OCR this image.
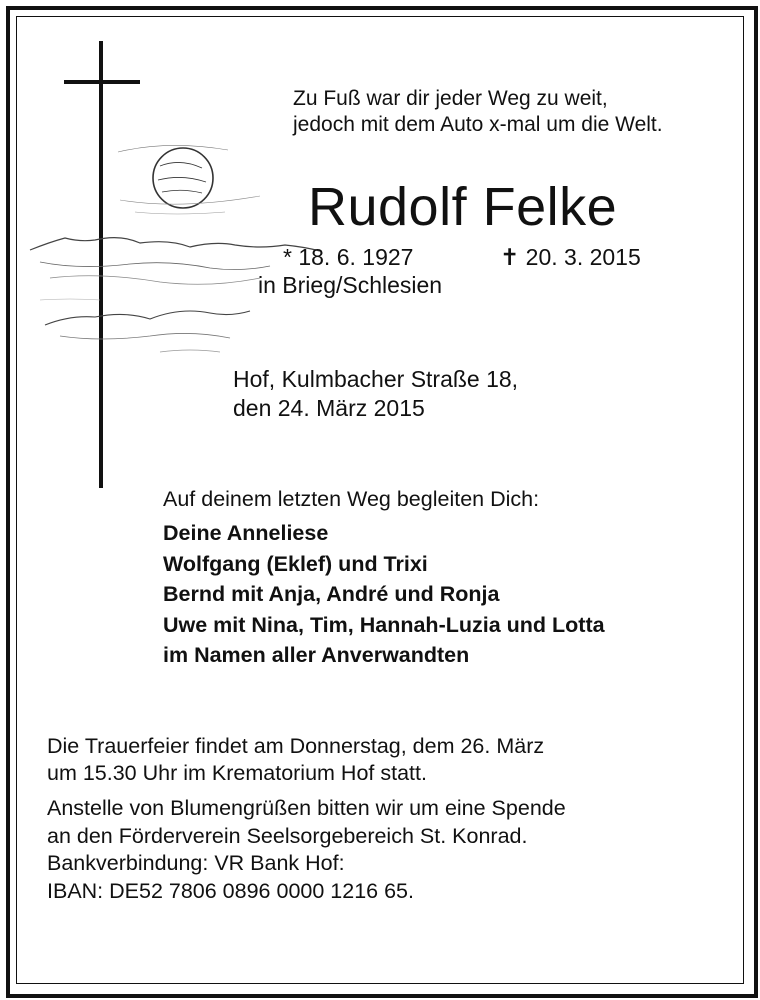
Zu Fuß war dir jeder Weg zu weit,
jedoch mit dem Auto x-mal um die Welt.
Rudolf Felke
* 18. 6. 1927	✝ 20. 3. 2015
in Brieg/Schlesien
Hof, Kulmbacher Straße 18,
den 24. März 2015
Auf deinem letzten Weg begleiten Dich:
Deine Anneliese
Wolfgang (Eklef) und Trixi
Bernd mit Anja, André und Ronja
Uwe mit Nina, Tim, Hannah-Luzia und Lotta
im Namen aller Anverwandten
Die Trauerfeier findet am Donnerstag, dem 26. März
um 15.30 Uhr im Krematorium Hof statt.
Anstelle von Blumengrüßen bitten wir um eine Spende
an den Förderverein Seelsorgebereich St. Konrad.
Bankverbindung: VR Bank Hof:
IBAN: DE52 7806 0896 0000 1216 65.
